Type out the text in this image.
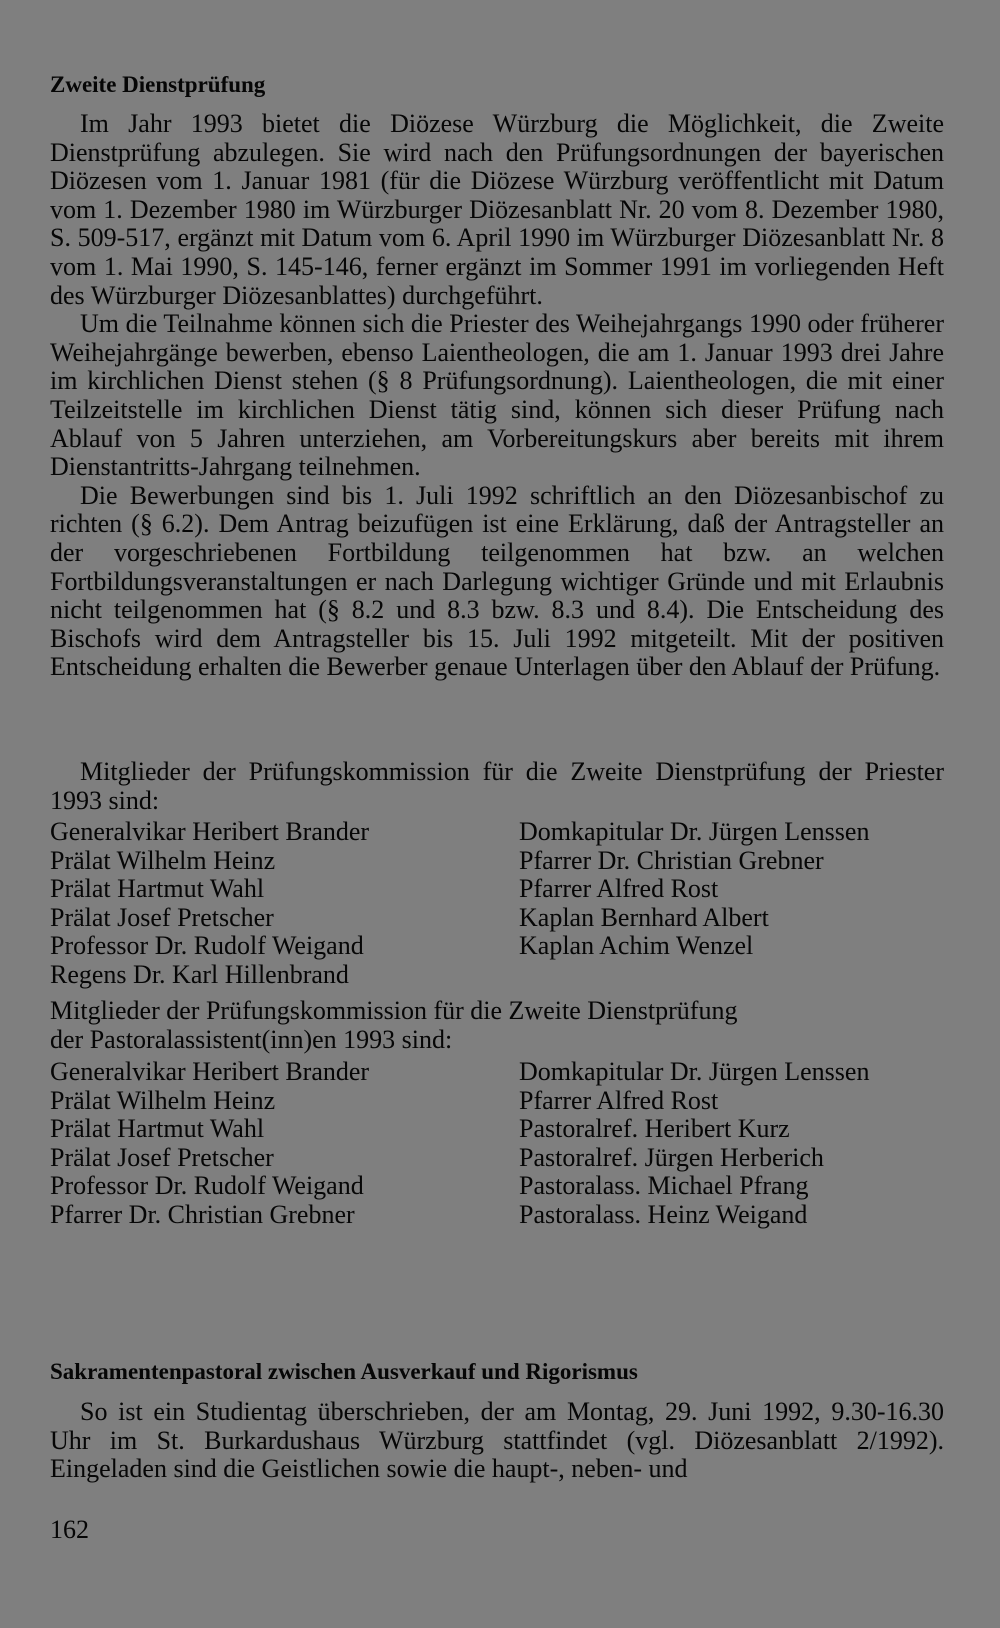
Zweite Dienstprüfung

Im Jahr 1993 bietet die Diözese Würzburg die Möglichkeit, die Zweite Dienstprüfung abzulegen. Sie wird nach den Prüfungsordnungen der bayerischen Diözesen vom 1. Januar 1981 (für die Diözese Würzburg veröffentlicht mit Datum vom 1. Dezember 1980 im Würzburger Diözesanblatt Nr. 20 vom 8. Dezember 1980, S. 509-517, ergänzt mit Datum vom 6. April 1990 im Würzburger Diözesanblatt Nr. 8 vom 1. Mai 1990, S. 145-146, ferner ergänzt im Sommer 1991 im vorliegenden Heft des Würzburger Diözesanblattes) durchgeführt.

Um die Teilnahme können sich die Priester des Weihejahrgangs 1990 oder früherer Weihejahrgänge bewerben, ebenso Laientheologen, die am 1. Januar 1993 drei Jahre im kirchlichen Dienst stehen (§ 8 Prüfungsordnung). Laientheologen, die mit einer Teilzeitstelle im kirchlichen Dienst tätig sind, können sich dieser Prüfung nach Ablauf von 5 Jahren unterziehen, am Vorbereitungskurs aber bereits mit ihrem Dienstantritts-Jahrgang teilnehmen.

Die Bewerbungen sind bis 1. Juli 1992 schriftlich an den Diözesanbischof zu richten (§ 6.2). Dem Antrag beizufügen ist eine Erklärung, daß der Antragsteller an der vorgeschriebenen Fortbildung teilgenommen hat bzw. an welchen Fortbildungsveranstaltungen er nach Darlegung wichtiger Gründe und mit Erlaubnis nicht teilgenommen hat (§ 8.2 und 8.3 bzw. 8.3 und 8.4). Die Entscheidung des Bischofs wird dem Antragsteller bis 15. Juli 1992 mitgeteilt. Mit der positiven Entscheidung erhalten die Bewerber genaue Unterlagen über den Ablauf der Prüfung.

Mitglieder der Prüfungskommission für die Zweite Dienstprüfung der Priester 1993 sind:

Generalvikar Heribert Brander
Prälat Wilhelm Heinz
Prälat Hartmut Wahl
Prälat Josef Pretscher
Professor Dr. Rudolf Weigand
Regens Dr. Karl Hillenbrand
Domkapitular Dr. Jürgen Lenssen
Pfarrer Dr. Christian Grebner
Pfarrer Alfred Rost
Kaplan Bernhard Albert
Kaplan Achim Wenzel
Mitglieder der Prüfungskommission für die Zweite Dienstprüfung
der Pastoralassistent(inn)en 1993 sind:
Generalvikar Heribert Brander
Prälat Wilhelm Heinz
Prälat Hartmut Wahl
Prälat Josef Pretscher
Professor Dr. Rudolf Weigand
Pfarrer Dr. Christian Grebner
Domkapitular Dr. Jürgen Lenssen
Pfarrer Alfred Rost
Pastoralref. Heribert Kurz
Pastoralref. Jürgen Herberich
Pastoralass. Michael Pfrang
Pastoralass. Heinz Weigand
Sakramentenpastoral zwischen Ausverkauf und Rigorismus

So ist ein Studientag überschrieben, der am Montag, 29. Juni 1992, 9.30-16.30 Uhr im St. Burkardushaus Würzburg stattfindet (vgl. Diözesanblatt 2/1992). Eingeladen sind die Geistlichen sowie die haupt-, neben- und

162
